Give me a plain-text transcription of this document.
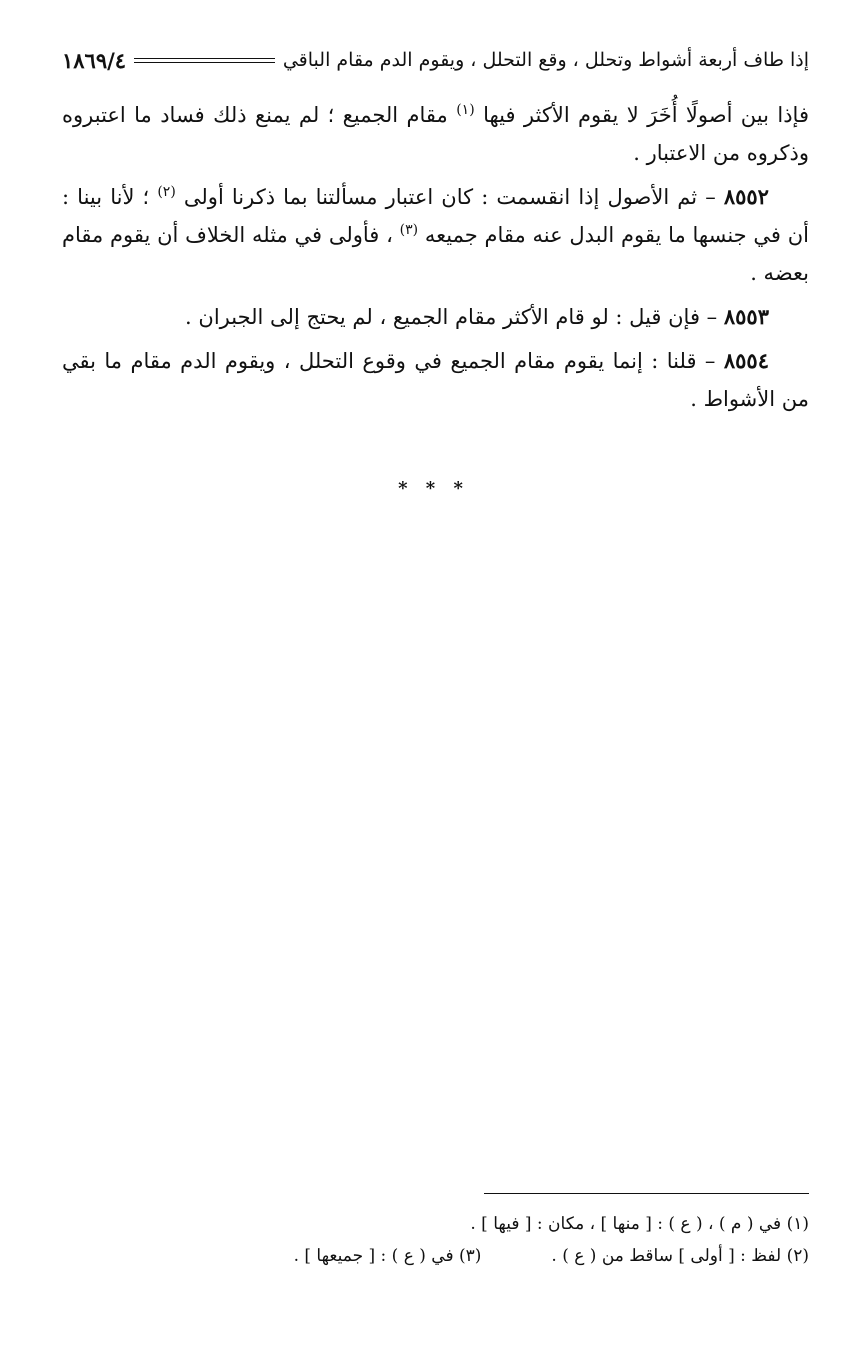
إذا طاف أربعة أشواط وتحلل ، وقع التحلل ، ويقوم الدم مقام الباقي
١٨٦٩/٤

فإذا بين أصولًا أُخَرَ لا يقوم الأكثر فيها $^{(١)}$ مقام الجميع ؛ لم يمنع ذلك فساد ما اعتبروه وذكروه من الاعتبار .

٨٥٥٢ – ثم الأصول إذا انقسمت : كان اعتبار مسألتنا بما ذكرنا أولى $^{(٢)}$ ؛ لأنا بينا : أن في جنسها ما يقوم البدل عنه مقام جميعه $^{(٣)}$ ، فأولى في مثله الخلاف أن يقوم مقام بعضه .

٨٥٥٣ – فإن قيل : لو قام الأكثر مقام الجميع ، لم يحتج إلى الجبران .

٨٥٥٤ – قلنا : إنما يقوم مقام الجميع في وقوع التحلل ، ويقوم الدم مقام ما بقي من الأشواط .

* * *
(١) في ( م ) ، ( ع ) : [ منها ] ، مكان : [ فيها ] .
(٢) لفظ : [ أولى ] ساقط من ( ع ) .
(٣) في ( ع ) : [ جميعها ] .
